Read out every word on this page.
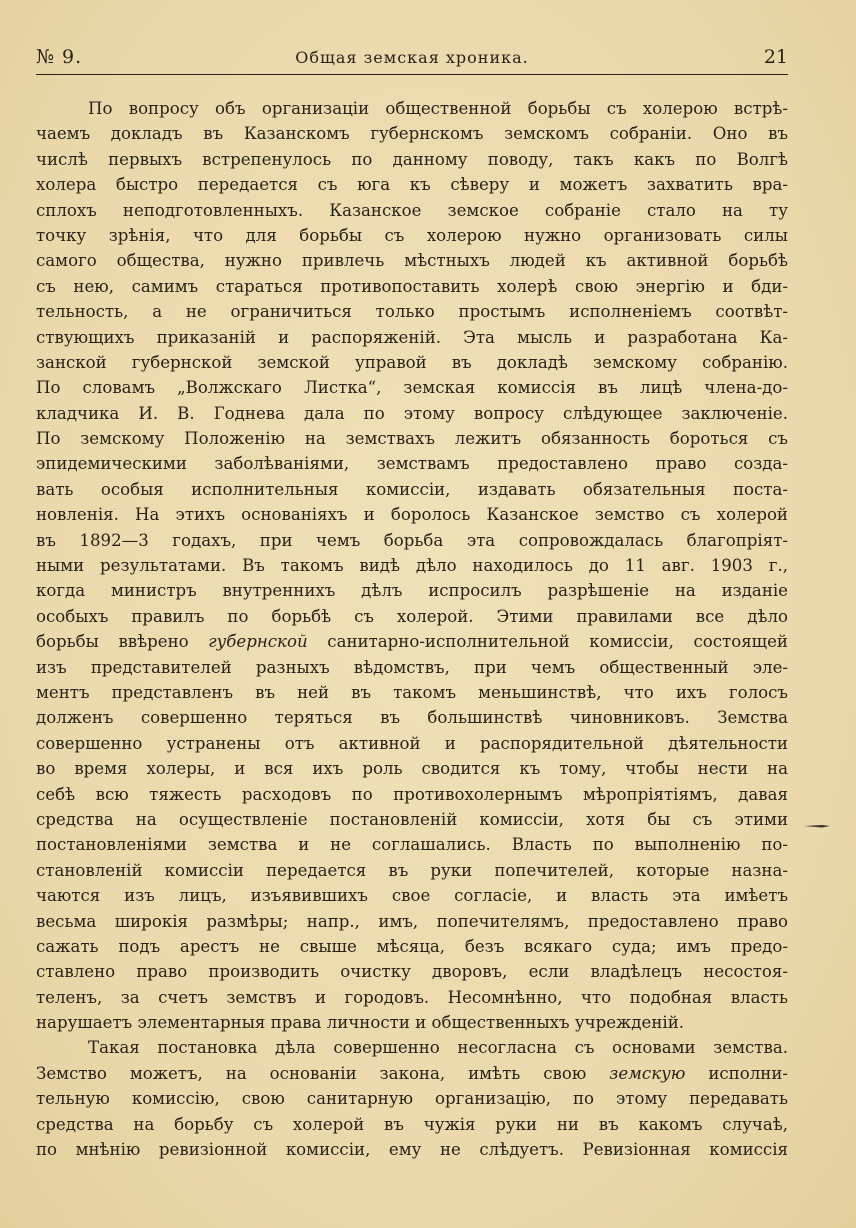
№ 9.	Общая земская хроника.	21
По вопросу объ организаціи общественной борьбы съ холерою встрѣ-
чаемъ докладъ въ Казанскомъ губернскомъ земскомъ собраніи. Оно въ
числѣ первыхъ встрепенулось по данному поводу, такъ какъ по Волгѣ
холера быстро передается съ юга къ сѣверу и можетъ захватить вра-
сплохъ неподготовленныхъ. Казанское земское собраніе стало на ту
точку зрѣнія, что для борьбы съ холерою нужно организовать силы
самого общества, нужно привлечь мѣстныхъ людей къ активной борьбѣ
съ нею, самимъ стараться противопоставить холерѣ свою энергію и бди-
тельность, а не ограничиться только простымъ исполненіемъ соотвѣт-
ствующихъ приказаній и распоряженій. Эта мысль и разработана Ка-
занской губернской земской управой въ докладѣ земскому собранію.
По словамъ „Волжскаго Листка“, земская комиссія въ лицѣ члена-до-
кладчика И. В. Годнева дала по этому вопросу слѣдующее заключеніе.
По земскому Положенію на земствахъ лежитъ обязанность бороться съ
эпидемическими заболѣваніями, земствамъ предоставлено право созда-
вать особыя исполнительныя комиссіи, издавать обязательныя поста-
новленія. На этихъ основаніяхъ и боролось Казанское земство съ холерой
въ 1892—3 годахъ, при чемъ борьба эта сопровождалась благопріят-
ными результатами. Въ такомъ видѣ дѣло находилось до 11 авг. 1903 г.,
когда министръ внутреннихъ дѣлъ испросилъ разрѣшеніе на изданіе
особыхъ правилъ по борьбѣ съ холерой. Этими правилами все дѣло
борьбы ввѣрено губернской санитарно-исполнительной комиссіи, состоящей
изъ представителей разныхъ вѣдомствъ, при чемъ общественный эле-
ментъ представленъ въ ней въ такомъ меньшинствѣ, что ихъ голосъ
долженъ совершенно теряться въ большинствѣ чиновниковъ. Земства
совершенно устранены отъ активной и распорядительной дѣятельности
во время холеры, и вся ихъ роль сводится къ тому, чтобы нести на
себѣ всю тяжесть расходовъ по противохолернымъ мѣропріятіямъ, давая
средства на осуществленіе постановленій комиссіи, хотя бы съ этими
постановленіями земства и не соглашались. Власть по выполненію по-
становленій комиссіи передается въ руки попечителей, которые назна-
чаются изъ лицъ, изъявившихъ свое согласіе, и власть эта имѣетъ
весьма широкія размѣры; напр., имъ, попечителямъ, предоставлено право
сажать подъ арестъ не свыше мѣсяца, безъ всякаго суда; имъ предо-
ставлено право производить очистку дворовъ, если владѣлецъ несостоя-
теленъ, за счетъ земствъ и городовъ. Несомнѣнно, что подобная власть
нарушаетъ элементарныя права личности и общественныхъ учрежденій.
Такая постановка дѣла совершенно несогласна съ основами земства.
Земство можетъ, на основаніи закона, имѣть свою земскую исполни-
тельную комиссію, свою санитарную организацію, по этому передавать
средства на борьбу съ холерой въ чужія руки ни въ какомъ случаѣ,
по мнѣнію ревизіонной комиссіи, ему не слѣдуетъ. Ревизіонная комиссія
